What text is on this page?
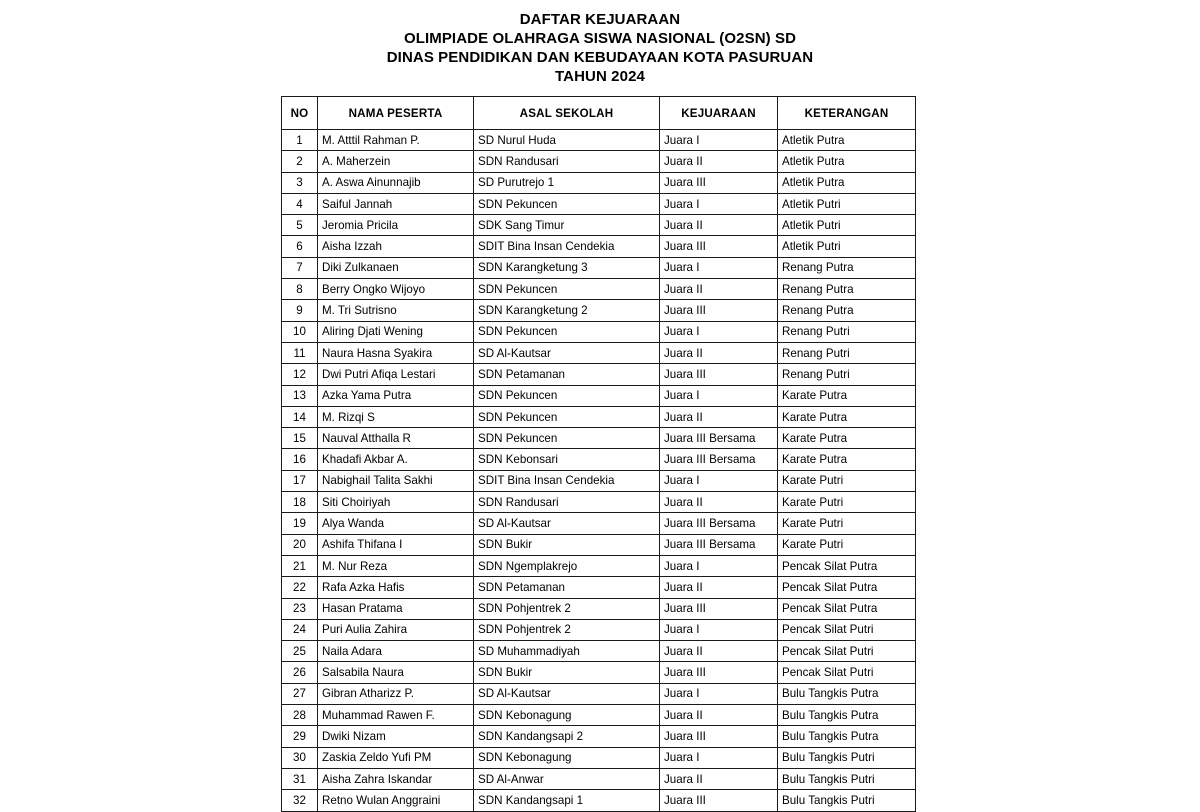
DAFTAR KEJUARAAN
OLIMPIADE OLAHRAGA SISWA NASIONAL (O2SN) SD
DINAS PENDIDIKAN DAN KEBUDAYAAN KOTA PASURUAN
TAHUN 2024
NO	NAMA PESERTA	ASAL SEKOLAH	KEJUARAAN	KETERANGAN
1	M. Atttil Rahman P.	SD Nurul Huda	Juara I	Atletik Putra
2	A. Maherzein	SDN Randusari	Juara II	Atletik Putra
3	A. Aswa Ainunnajib	SD Purutrejo 1	Juara III	Atletik Putra
4	Saiful Jannah	SDN Pekuncen	Juara I	Atletik Putri
5	Jeromia Pricila	SDK Sang Timur	Juara II	Atletik Putri
6	Aisha Izzah	SDIT Bina Insan Cendekia	Juara III	Atletik Putri
7	Diki Zulkanaen	SDN Karangketung 3	Juara I	Renang Putra
8	Berry Ongko Wijoyo	SDN Pekuncen	Juara II	Renang Putra
9	M. Tri Sutrisno	SDN Karangketung 2	Juara III	Renang Putra
10	Aliring Djati Wening	SDN Pekuncen	Juara I	Renang Putri
11	Naura Hasna Syakira	SD Al-Kautsar	Juara II	Renang Putri
12	Dwi Putri Afiqa Lestari	SDN Petamanan	Juara III	Renang Putri
13	Azka Yama Putra	SDN Pekuncen	Juara I	Karate Putra
14	M. Rizqi S	SDN Pekuncen	Juara II	Karate Putra
15	Nauval Atthalla R	SDN Pekuncen	Juara III Bersama	Karate Putra
16	Khadafi Akbar A.	SDN Kebonsari	Juara III Bersama	Karate Putra
17	Nabighail Talita Sakhi	SDIT Bina Insan Cendekia	Juara I	Karate Putri
18	Siti Choiriyah	SDN Randusari	Juara II	Karate Putri
19	Alya Wanda	SD Al-Kautsar	Juara III Bersama	Karate Putri
20	Ashifa Thifana I	SDN Bukir	Juara III Bersama	Karate Putri
21	M. Nur Reza	SDN Ngemplakrejo	Juara I	Pencak Silat Putra
22	Rafa Azka Hafis	SDN Petamanan	Juara II	Pencak Silat Putra
23	Hasan Pratama	SDN Pohjentrek 2	Juara III	Pencak Silat Putra
24	Puri Aulia Zahira	SDN Pohjentrek 2	Juara I	Pencak Silat Putri
25	Naila Adara	SD Muhammadiyah	Juara II	Pencak Silat Putri
26	Salsabila Naura	SDN Bukir	Juara III	Pencak Silat Putri
27	Gibran Atharizz P.	SD Al-Kautsar	Juara I	Bulu Tangkis Putra
28	Muhammad Rawen F.	SDN Kebonagung	Juara II	Bulu Tangkis Putra
29	Dwiki Nizam	SDN Kandangsapi 2	Juara III	Bulu Tangkis Putra
30	Zaskia Zeldo Yufi PM	SDN Kebonagung	Juara I	Bulu Tangkis Putri
31	Aisha Zahra Iskandar	SD Al-Anwar	Juara II	Bulu Tangkis Putri
32	Retno Wulan Anggraini	SDN Kandangsapi 1	Juara III	Bulu Tangkis Putri
